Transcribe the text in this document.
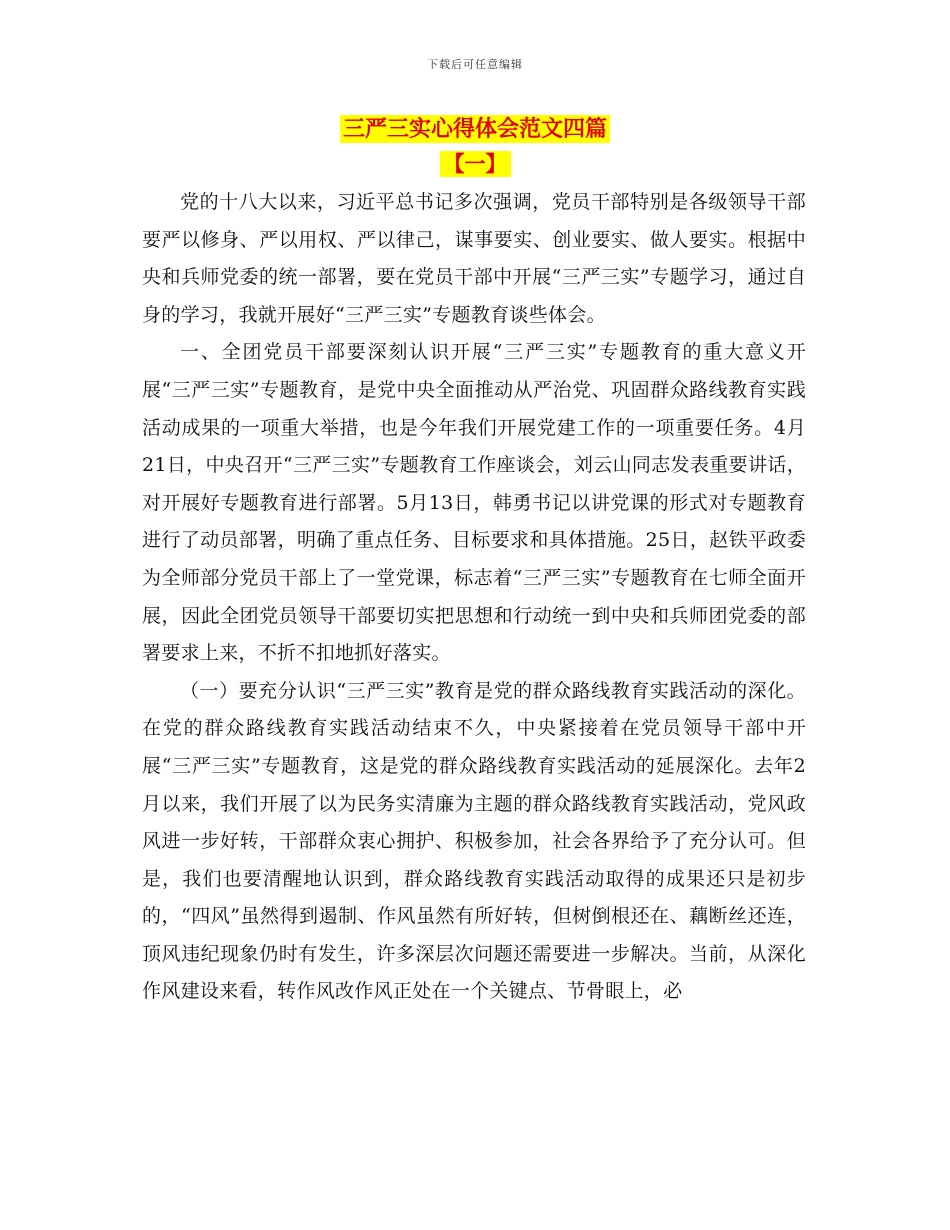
下载后可任意编辑
三严三实心得体会范文四篇
【一】

党的十八大以来，习近平总书记多次强调，党员干部特别是各级领导干部要严以修身、严以用权、严以律己，谋事要实、创业要实、做人要实。根据中央和兵师党委的统一部署，要在党员干部中开展“三严三实”专题学习，通过自身的学习，我就开展好“三严三实”专题教育谈些体会。

一、全团党员干部要深刻认识开展“三严三实”专题教育的重大意义开展“三严三实”专题教育，是党中央全面推动从严治党、巩固群众路线教育实践活动成果的一项重大举措，也是今年我们开展党建工作的一项重要任务。4月21日，中央召开“三严三实”专题教育工作座谈会，刘云山同志发表重要讲话，对开展好专题教育进行部署。5月13日，韩勇书记以讲党课的形式对专题教育进行了动员部署，明确了重点任务、目标要求和具体措施。25日，赵铁平政委为全师部分党员干部上了一堂党课，标志着“三严三实”专题教育在七师全面开展，因此全团党员领导干部要切实把思想和行动统一到中央和兵师团党委的部署要求上来，不折不扣地抓好落实。

（一）要充分认识“三严三实”教育是党的群众路线教育实践活动的深化。在党的群众路线教育实践活动结束不久，中央紧接着在党员领导干部中开展“三严三实”专题教育，这是党的群众路线教育实践活动的延展深化。去年2月以来，我们开展了以为民务实清廉为主题的群众路线教育实践活动，党风政风进一步好转，干部群众衷心拥护、积极参加，社会各界给予了充分认可。但是，我们也要清醒地认识到，群众路线教育实践活动取得的成果还只是初步的，“四风”虽然得到遏制、作风虽然有所好转，但树倒根还在、藕断丝还连，顶风违纪现象仍时有发生，许多深层次问题还需要进一步解决。当前，从深化作风建设来看，转作风改作风正处在一个关键点、节骨眼上，必
